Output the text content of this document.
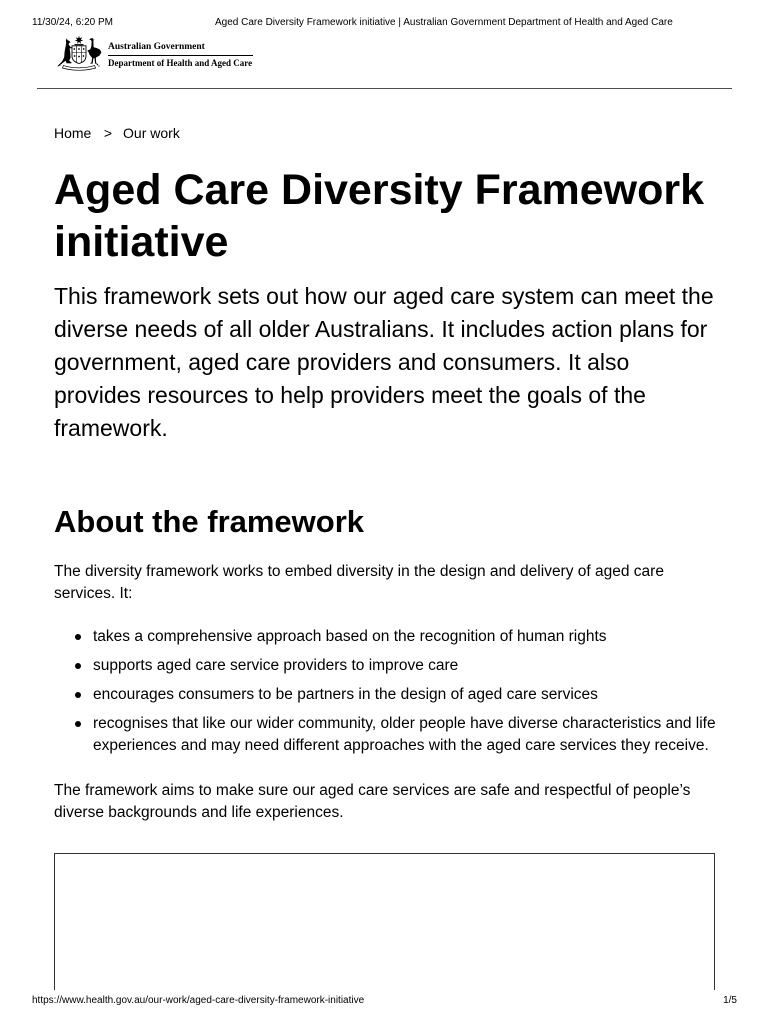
11/30/24, 6:20 PM	Aged Care Diversity Framework initiative | Australian Government Department of Health and Aged Care
Australian Government
Department of Health and Aged Care
Home > Our work
Aged Care Diversity Framework initiative

This framework sets out how our aged care system can meet the diverse needs of all older Australians. It includes action plans for government, aged care providers and consumers. It also provides resources to help providers meet the goals of the framework.

About the framework

The diversity framework works to embed diversity in the design and delivery of aged care services. It:

takes a comprehensive approach based on the recognition of human rights
supports aged care service providers to improve care
encourages consumers to be partners in the design of aged care services
recognises that like our wider community, older people have diverse characteristics and life experiences and may need different approaches with the aged care services they receive.

The framework aims to make sure our aged care services are safe and respectful of people’s diverse backgrounds and life experiences.

https://www.health.gov.au/our-work/aged-care-diversity-framework-initiative	1/5
